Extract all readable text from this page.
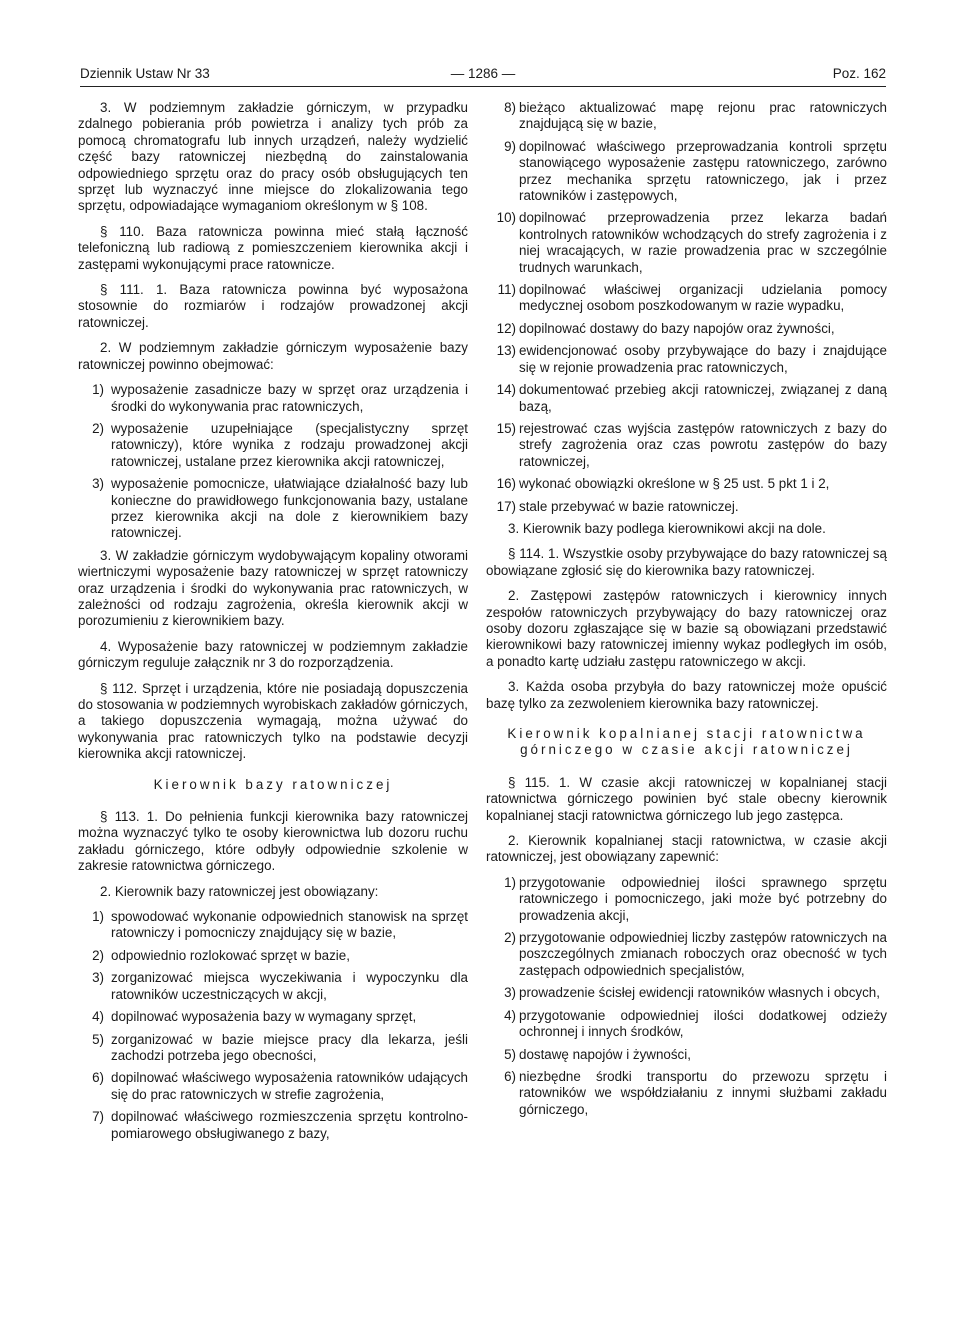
Dziennik Ustaw Nr 33	— 1286 —	Poz. 162

3. W podziemnym zakładzie górniczym, w przypadku zdalnego pobierania prób powietrza i analizy tych prób za pomocą chromatografu lub innych urządzeń, należy wydzielić część bazy ratowniczej niezbędną do zainstalowania odpowiedniego sprzętu oraz do pracy osób obsługujących ten sprzęt lub wyznaczyć inne miejsce do zlokalizowania tego sprzętu, odpowiadające wymaganiom określonym w § 108.

§ 110. Baza ratownicza powinna mieć stałą łączność telefoniczną lub radiową z pomieszczeniem kierownika akcji i zastępami wykonującymi prace ratownicze.

§ 111. 1. Baza ratownicza powinna być wyposażona stosownie do rozmiarów i rodzajów prowadzonej akcji ratowniczej.

2. W podziemnym zakładzie górniczym wyposażenie bazy ratowniczej powinno obejmować:

1) wyposażenie zasadnicze bazy w sprzęt oraz urządzenia i środki do wykonywania prac ratowniczych,
2) wyposażenie uzupełniające (specjalistyczny sprzęt ratowniczy), które wynika z rodzaju prowadzonej akcji ratowniczej, ustalane przez kierownika akcji ratowniczej,
3) wyposażenie pomocnicze, ułatwiające działalność bazy lub konieczne do prawidłowego funkcjonowania bazy, ustalane przez kierownika akcji na dole z kierownikiem bazy ratowniczej.

3. W zakładzie górniczym wydobywającym kopaliny otworami wiertniczymi wyposażenie bazy ratowniczej w sprzęt ratowniczy oraz urządzenia i środki do wykonywania prac ratowniczych, w zależności od rodzaju zagrożenia, określa kierownik akcji w porozumieniu z kierownikiem bazy.

4. Wyposażenie bazy ratowniczej w podziemnym zakładzie górniczym reguluje załącznik nr 3 do rozporządzenia.

§ 112. Sprzęt i urządzenia, które nie posiadają dopuszczenia do stosowania w podziemnych wyrobiskach zakładów górniczych, a takiego dopuszczenia wymagają, można używać do wykonywania prac ratowniczych tylko na podstawie decyzji kierownika akcji ratowniczej.

Kierownik bazy ratowniczej

§ 113. 1. Do pełnienia funkcji kierownika bazy ratowniczej można wyznaczyć tylko te osoby kierownictwa lub dozoru ruchu zakładu górniczego, które odbyły odpowiednie szkolenie w zakresie ratownictwa górniczego.

2. Kierownik bazy ratowniczej jest obowiązany:

1) spowodować wykonanie odpowiednich stanowisk na sprzęt ratowniczy i pomocniczy znajdujący się w bazie,
2) odpowiednio rozlokować sprzęt w bazie,
3) zorganizować miejsca wyczekiwania i wypoczynku dla ratowników uczestniczących w akcji,
4) dopilnować wyposażenia bazy w wymagany sprzęt,
5) zorganizować w bazie miejsce pracy dla lekarza, jeśli zachodzi potrzeba jego obecności,
6) dopilnować właściwego wyposażenia ratowników udających się do prac ratowniczych w strefie zagrożenia,
7) dopilnować właściwego rozmieszczenia sprzętu kontrolno-pomiarowego obsługiwanego z bazy,
8) bieżąco aktualizować mapę rejonu prac ratowniczych znajdującą się w bazie,
9) dopilnować właściwego przeprowadzania kontroli sprzętu stanowiącego wyposażenie zastępu ratowniczego, zarówno przez mechanika sprzętu ratowniczego, jak i przez ratowników i zastępowych,
10) dopilnować przeprowadzenia przez lekarza badań kontrolnych ratowników wchodzących do strefy zagrożenia i z niej wracających, w razie prowadzenia prac w szczególnie trudnych warunkach,
11) dopilnować właściwej organizacji udzielania pomocy medycznej osobom poszkodowanym w razie wypadku,
12) dopilnować dostawy do bazy napojów oraz żywności,
13) ewidencjonować osoby przybywające do bazy i znajdujące się w rejonie prowadzenia prac ratowniczych,
14) dokumentować przebieg akcji ratowniczej, związanej z daną bazą,
15) rejestrować czas wyjścia zastępów ratowniczych z bazy do strefy zagrożenia oraz czas powrotu zastępów do bazy ratowniczej,
16) wykonać obowiązki określone w § 25 ust. 5 pkt 1 i 2,
17) stale przebywać w bazie ratowniczej.

3. Kierownik bazy podlega kierownikowi akcji na dole.

§ 114. 1. Wszystkie osoby przybywające do bazy ratowniczej są obowiązane zgłosić się do kierownika bazy ratowniczej.

2. Zastępowi zastępów ratowniczych i kierownicy innych zespołów ratowniczych przybywający do bazy ratowniczej oraz osoby dozoru zgłaszające się w bazie są obowiązani przedstawić kierownikowi bazy ratowniczej imienny wykaz podległych im osób, a ponadto kartę udziału zastępu ratowniczego w akcji.

3. Każda osoba przybyła do bazy ratowniczej może opuścić bazę tylko za zezwoleniem kierownika bazy ratowniczej.

Kierownik kopalnianej stacji ratownictwa
górniczego w czasie akcji ratowniczej

§ 115. 1. W czasie akcji ratowniczej w kopalnianej stacji ratownictwa górniczego powinien być stale obecny kierownik kopalnianej stacji ratownictwa górniczego lub jego zastępca.

2. Kierownik kopalnianej stacji ratownictwa, w czasie akcji ratowniczej, jest obowiązany zapewnić:

1) przygotowanie odpowiedniej ilości sprawnego sprzętu ratowniczego i pomocniczego, jaki może być potrzebny do prowadzenia akcji,
2) przygotowanie odpowiedniej liczby zastępów ratowniczych na poszczególnych zmianach roboczych oraz obecność w tych zastępach odpowiednich specjalistów,
3) prowadzenie ścisłej ewidencji ratowników własnych i obcych,
4) przygotowanie odpowiedniej ilości dodatkowej odzieży ochronnej i innych środków,
5) dostawę napojów i żywności,
6) niezbędne środki transportu do przewozu sprzętu i ratowników we współdziałaniu z innymi służbami zakładu górniczego,
